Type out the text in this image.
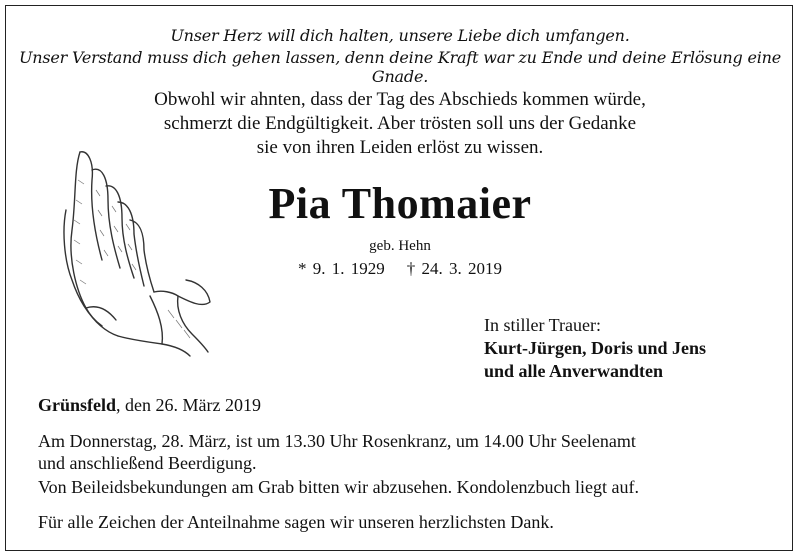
Unser Herz will dich halten, unsere Liebe dich umfangen.
Unser Verstand muss dich gehen lassen, denn deine Kraft war zu Ende und deine Erlösung eine Gnade.
Obwohl wir ahnten, dass der Tag des Abschieds kommen würde,
schmerzt die Endgültigkeit. Aber trösten soll uns der Gedanke
sie von ihren Leiden erlöst zu wissen.
Pia Thomaier
geb. Hehn
* 9. 1. 1929 † 24. 3. 2019
In stiller Trauer:
Kurt-Jürgen, Doris und Jens
und alle Anverwandten
Grünsfeld, den 26. März 2019
Am Donnerstag, 28. März, ist um 13.30 Uhr Rosenkranz, um 14.00 Uhr Seelenamt
und anschließend Beerdigung.
Von Beileidsbekundungen am Grab bitten wir abzusehen. Kondolenzbuch liegt auf.
Für alle Zeichen der Anteilnahme sagen wir unseren herzlichsten Dank.
